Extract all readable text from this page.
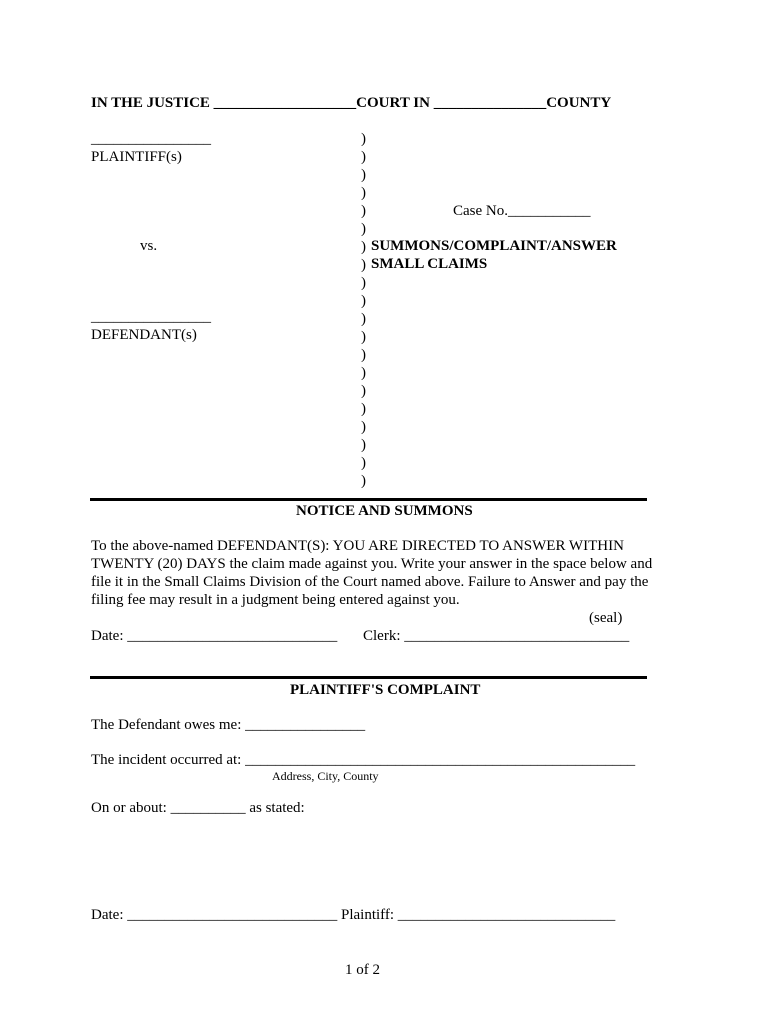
IN THE JUSTICE ___________________COURT IN _______________COUNTY
________________
PLAINTIFF(s)
vs.
________________
DEFENDANT(s)
)
)
)
)
)
)
)
)
)
)
)
)
)
)
)
)
)
)
)
)
Case No.___________
SUMMONS/COMPLAINT/ANSWER
SMALL CLAIMS
NOTICE AND SUMMONS
To the above-named DEFENDANT(S): YOU ARE DIRECTED TO ANSWER WITHIN
TWENTY (20) DAYS the claim made against you. Write your answer in the space below and
file it in the Small Claims Division of the Court named above. Failure to Answer and pay the
filing fee may result in a judgment being entered against you.
(seal)
Date: ____________________________ Clerk: ______________________________
PLAINTIFF'S COMPLAINT
The Defendant owes me: ________________
The incident occurred at: ____________________________________________________
Address, City, County
On or about: __________ as stated:
Date: ____________________________ Plaintiff: _____________________________
1 of 2
